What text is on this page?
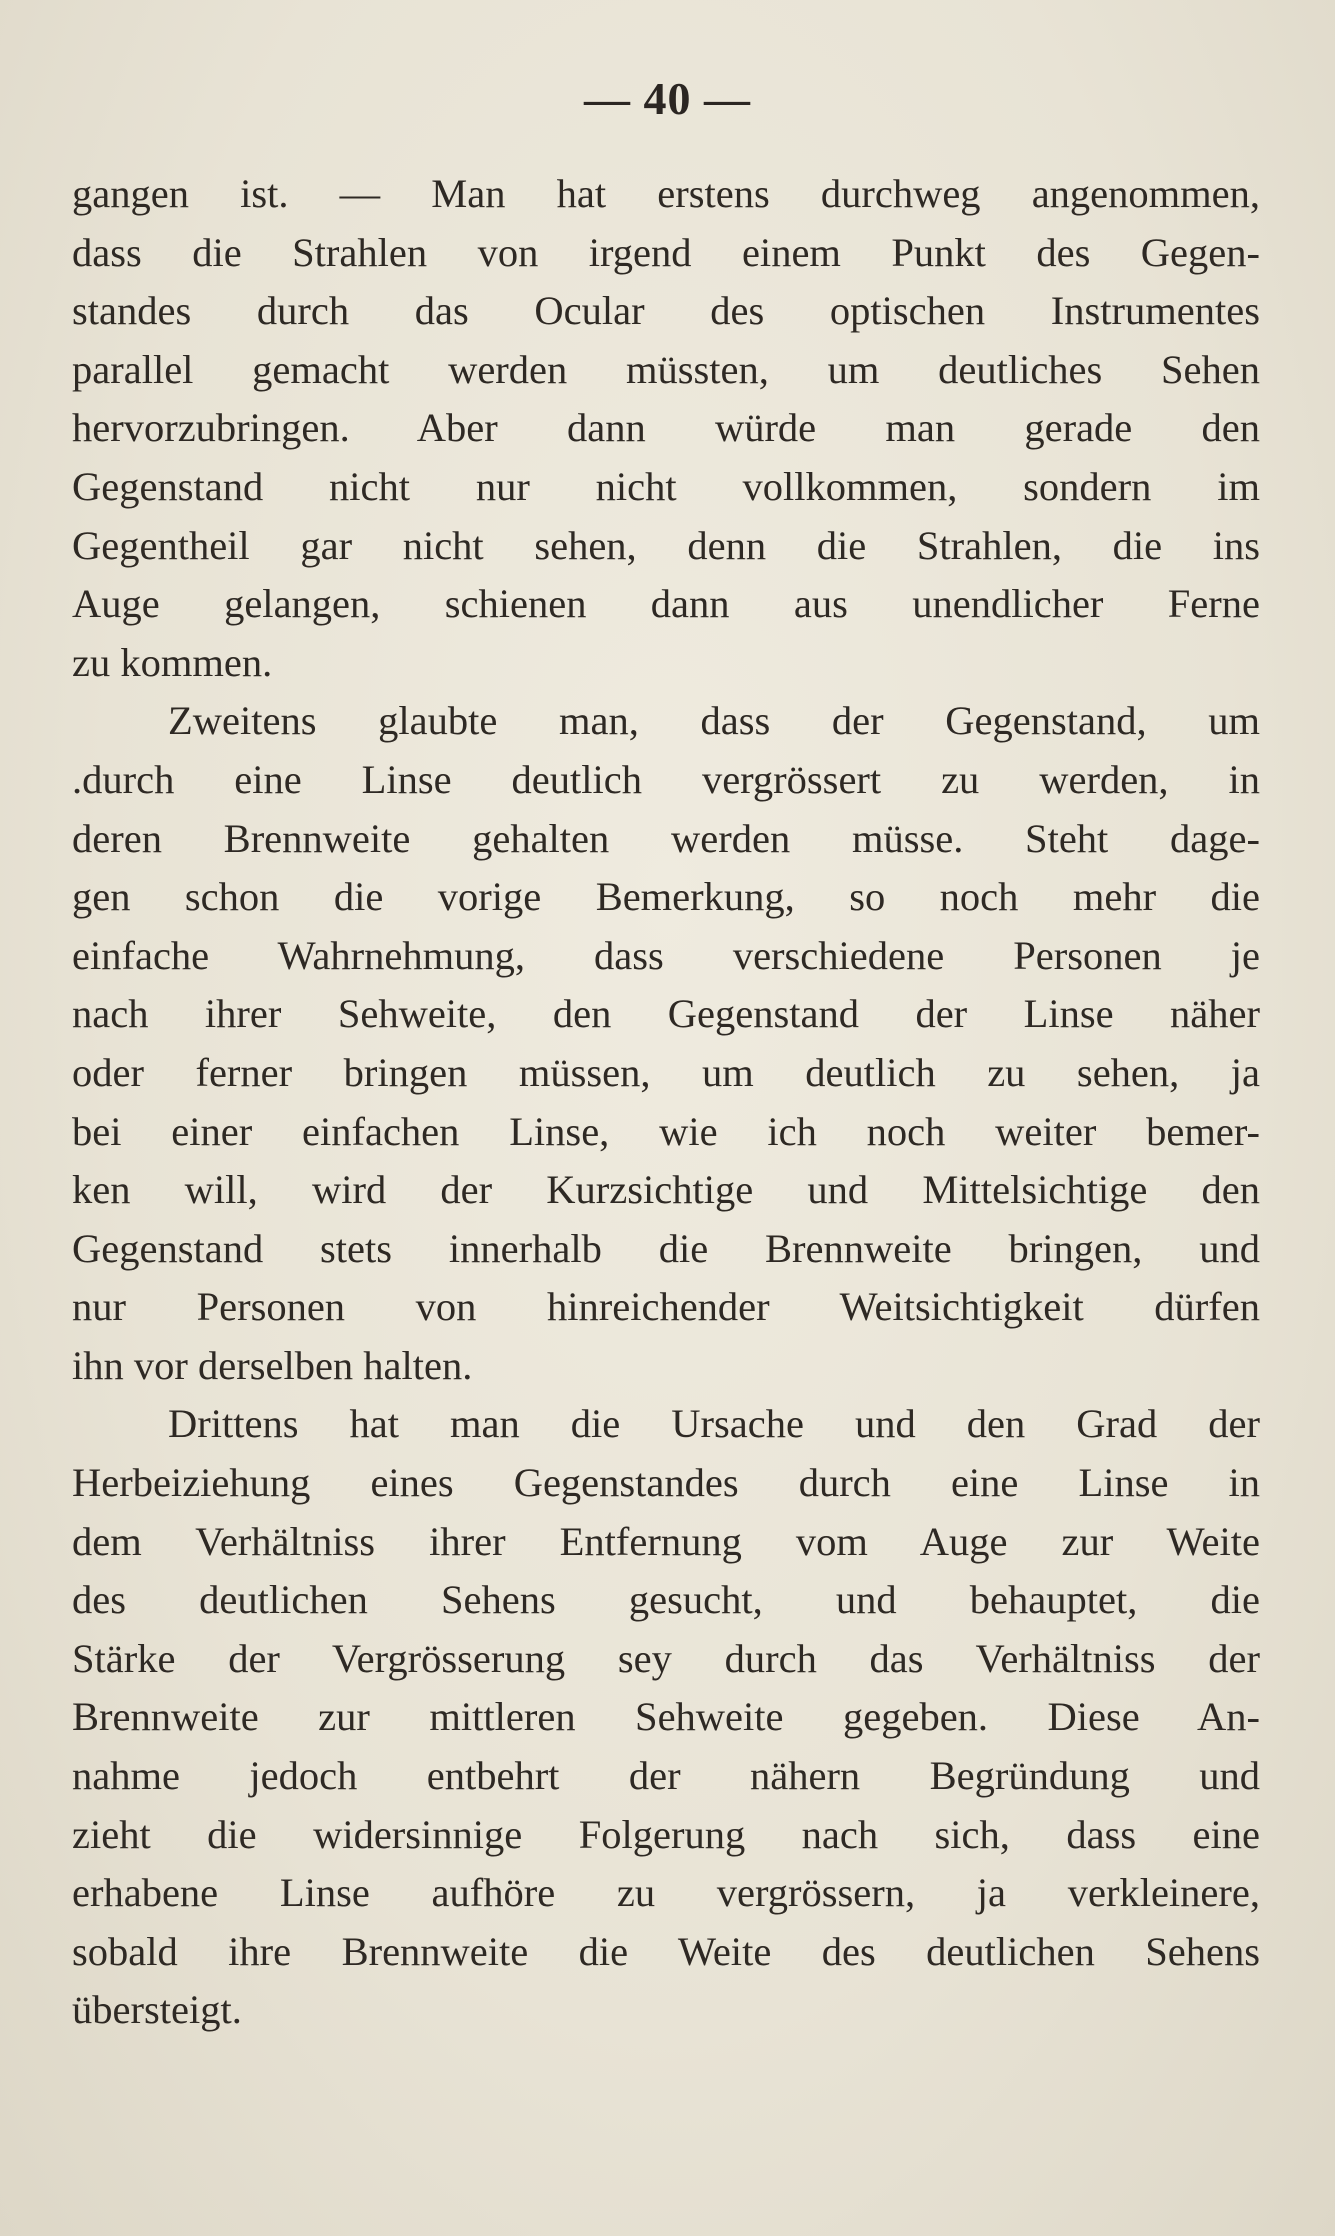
— 40 —
gangen ist. — Man hat erstens durchweg angenommen,
dass die Strahlen von irgend einem Punkt des Gegen-
standes durch das Ocular des optischen Instrumentes
parallel gemacht werden müssten, um deutliches Sehen
hervorzubringen. Aber dann würde man gerade den
Gegenstand nicht nur nicht vollkommen, sondern im
Gegentheil gar nicht sehen, denn die Strahlen, die ins
Auge gelangen, schienen dann aus unendlicher Ferne
zu kommen.
Zweitens glaubte man, dass der Gegenstand, um
.durch eine Linse deutlich vergrössert zu werden, in
deren Brennweite gehalten werden müsse. Steht dage-
gen schon die vorige Bemerkung, so noch mehr die
einfache Wahrnehmung, dass verschiedene Personen je
nach ihrer Sehweite, den Gegenstand der Linse näher
oder ferner bringen müssen, um deutlich zu sehen, ja
bei einer einfachen Linse, wie ich noch weiter bemer-
ken will, wird der Kurzsichtige und Mittelsichtige den
Gegenstand stets innerhalb die Brennweite bringen, und
nur Personen von hinreichender Weitsichtigkeit dürfen
ihn vor derselben halten.
Drittens hat man die Ursache und den Grad der
Herbeiziehung eines Gegenstandes durch eine Linse in
dem Verhältniss ihrer Entfernung vom Auge zur Weite
des deutlichen Sehens gesucht, und behauptet, die
Stärke der Vergrösserung sey durch das Verhältniss der
Brennweite zur mittleren Sehweite gegeben. Diese An-
nahme jedoch entbehrt der nähern Begründung und
zieht die widersinnige Folgerung nach sich, dass eine
erhabene Linse aufhöre zu vergrössern, ja verkleinere,
sobald ihre Brennweite die Weite des deutlichen Sehens
übersteigt.
